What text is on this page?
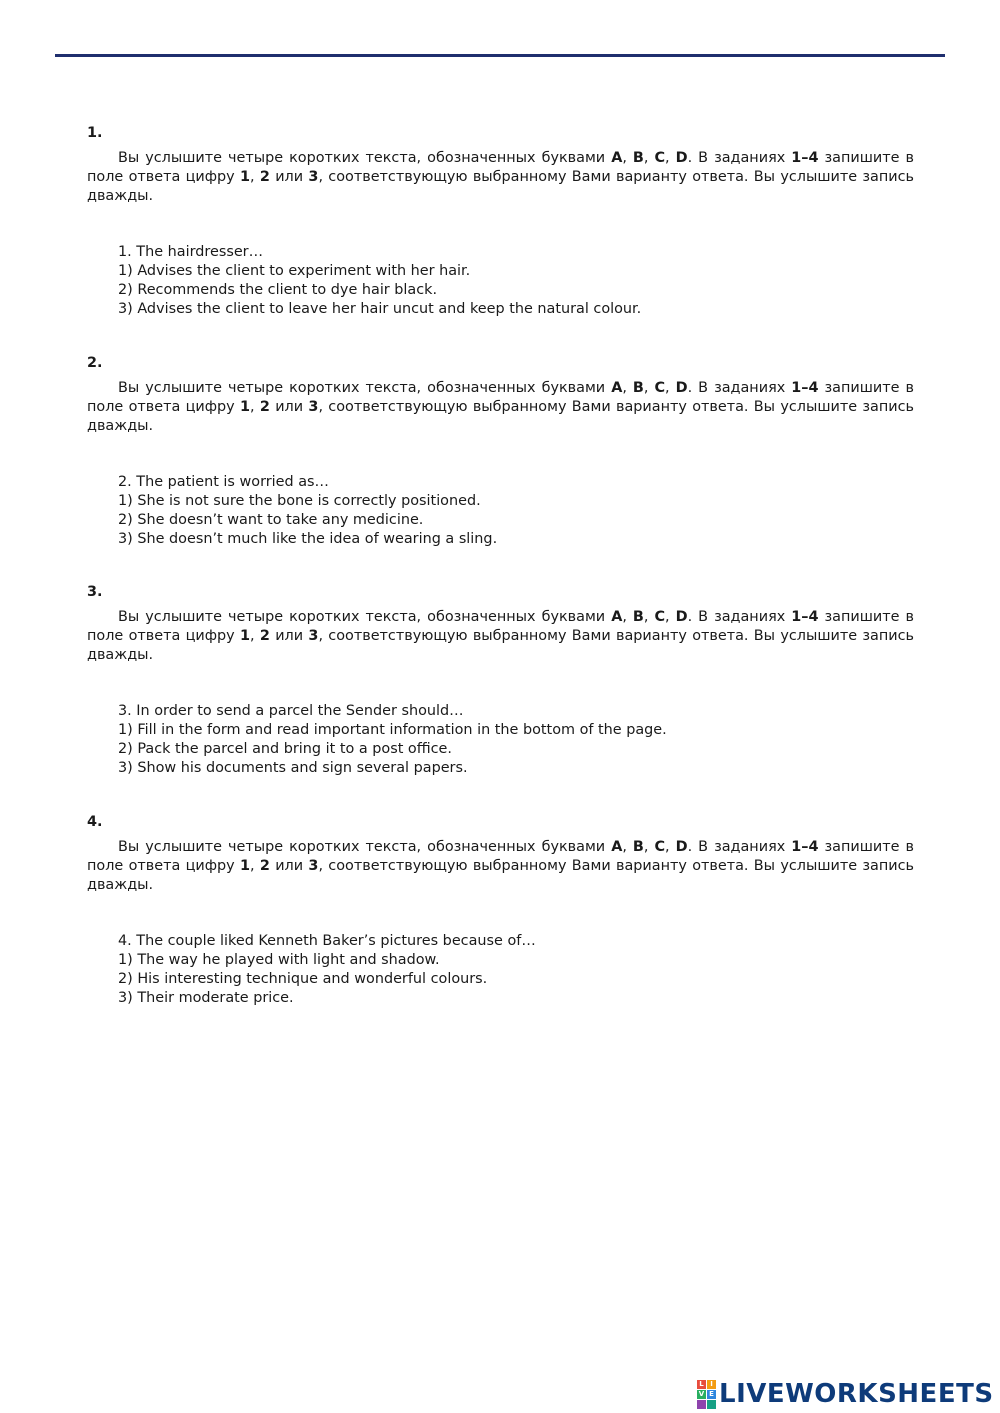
1.
Вы услышите четыре коротких текста, обозначенных буквами A, B, C, D. В заданиях 1–4 запишите в поле ответа цифру 1, 2 или 3, соответствующую выбранному Вами варианту ответа. Вы услышите запись дважды.
1. The hairdresser…
1) Advises the client to experiment with her hair.
2) Recommends the client to dye hair black.
3) Advises the client to leave her hair uncut and keep the natural colour.
2.
Вы услышите четыре коротких текста, обозначенных буквами A, B, C, D. В заданиях 1–4 запишите в поле ответа цифру 1, 2 или 3, соответствующую выбранному Вами варианту ответа. Вы услышите запись дважды.
2. The patient is worried as…
1) She is not sure the bone is correctly positioned.
2) She doesn’t want to take any medicine.
3) She doesn’t much like the idea of wearing a sling.
3.
Вы услышите четыре коротких текста, обозначенных буквами A, B, C, D. В заданиях 1–4 запишите в поле ответа цифру 1, 2 или 3, соответствующую выбранному Вами варианту ответа. Вы услышите запись дважды.
3. In order to send a parcel the Sender should…
1) Fill in the form and read important information in the bottom of the page.
2) Pack the parcel and bring it to a post office.
3) Show his documents and sign several papers.
4.
Вы услышите четыре коротких текста, обозначенных буквами A, B, C, D. В заданиях 1–4 запишите в поле ответа цифру 1, 2 или 3, соответствующую выбранному Вами варианту ответа. Вы услышите запись дважды.
4. The couple liked Kenneth Baker’s pictures because of…
1) The way he played with light and shadow.
2) His interesting technique and wonderful colours.
3) Their moderate price.
L I
V E LIVEWORKSHEETS
